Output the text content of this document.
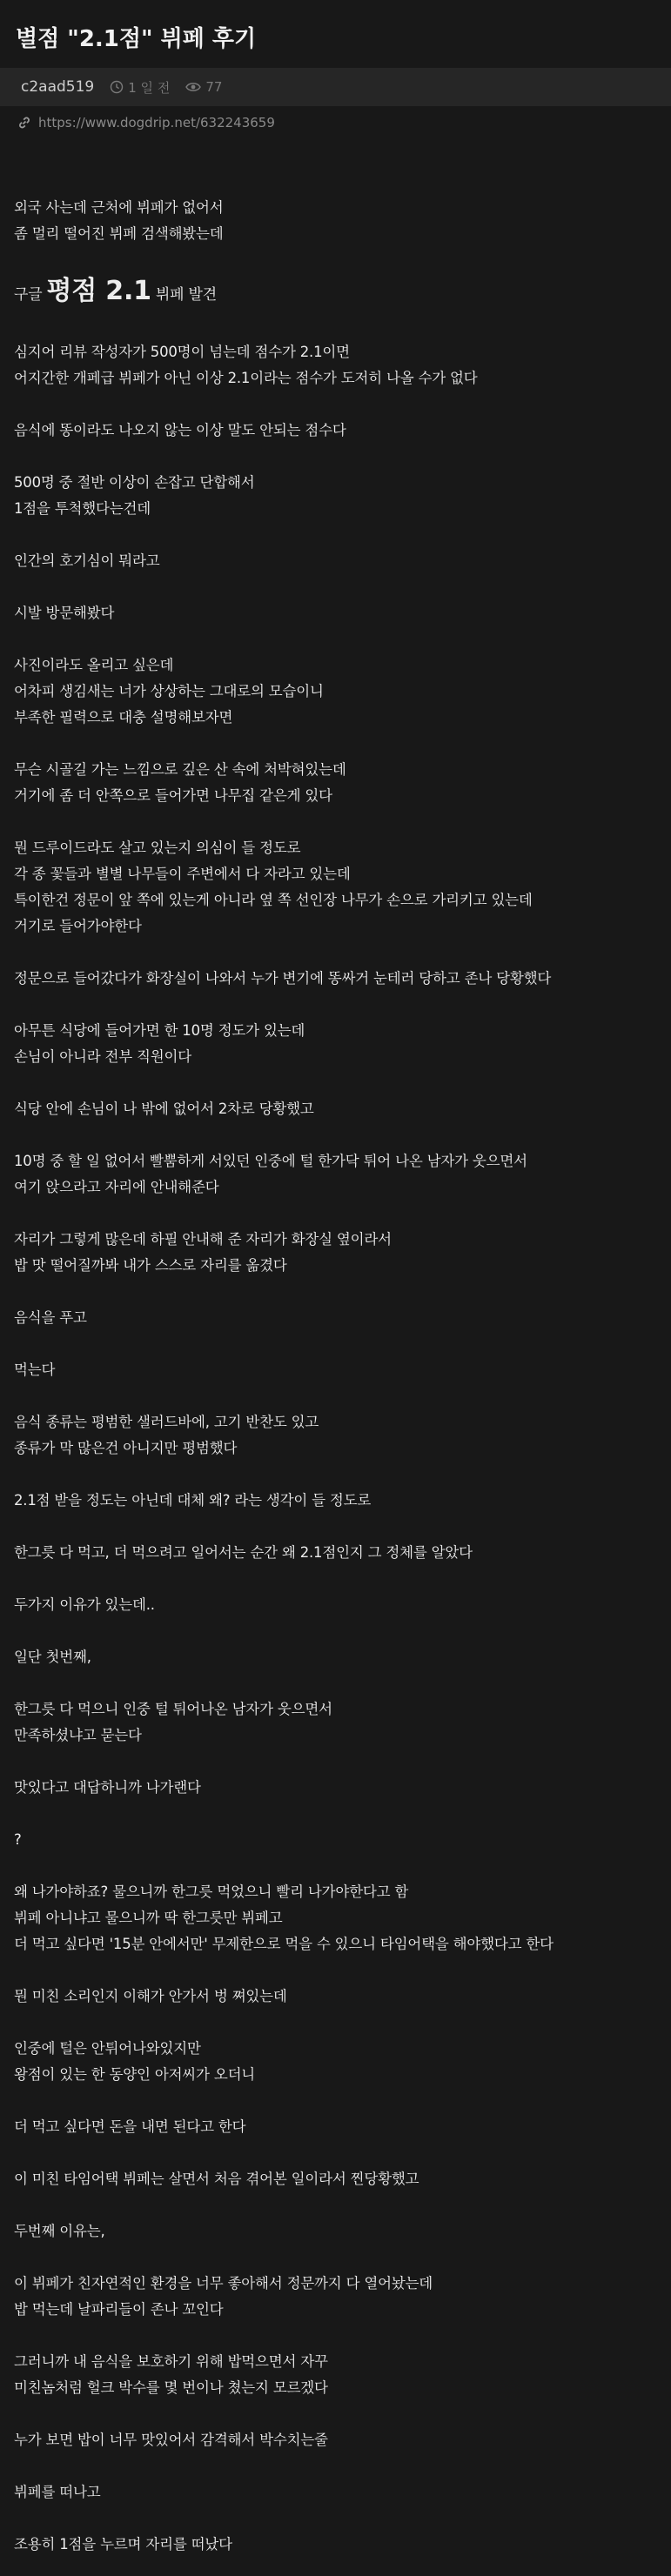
별점 "2.1점" 뷔페 후기
c2aad519	1 일 전	77
https://www.dogdrip.net/632243659

외국 사는데 근처에 뷔페가 없어서

좀 멀리 떨어진 뷔페 검색해봤는데

구글 평점 2.1 뷔페 발견

심지어 리뷰 작성자가 500명이 넘는데 점수가 2.1이면

어지간한 개페급 뷔페가 아닌 이상 2.1이라는 점수가 도저히 나올 수가 없다

음식에 똥이라도 나오지 않는 이상 말도 안되는 점수다

500명 중 절반 이상이 손잡고 단합해서

1점을 투척했다는건데

인간의 호기심이 뭐라고

시발 방문해봤다

사진이라도 올리고 싶은데

어차피 생김새는 너가 상상하는 그대로의 모습이니

부족한 필력으로 대충 설명해보자면

무슨 시골길 가는 느낌으로 깊은 산 속에 처박혀있는데

거기에 좀 더 안쪽으로 들어가면 나무집 같은게 있다

뭔 드루이드라도 살고 있는지 의심이 들 정도로

각 종 꽃들과 별별 나무들이 주변에서 다 자라고 있는데

특이한건 정문이 앞 쪽에 있는게 아니라 옆 쪽 선인장 나무가 손으로 가리키고 있는데

거기로 들어가야한다

정문으로 들어갔다가 화장실이 나와서 누가 변기에 똥싸거 눈테러 당하고 존나 당황했다

아무튼 식당에 들어가면 한 10명 정도가 있는데

손님이 아니라 전부 직원이다

식당 안에 손님이 나 밖에 없어서 2차로 당황했고

10명 중 할 일 없어서 빨뿜하게 서있던 인중에 털 한가닥 튀어 나온 남자가 웃으면서

여기 앉으라고 자리에 안내해준다

자리가 그렇게 많은데 하필 안내해 준 자리가 화장실 옆이라서

밥 맛 떨어질까봐 내가 스스로 자리를 옮겼다

음식을 푸고

먹는다

음식 종류는 평범한 샐러드바에, 고기 반찬도 있고

종류가 막 많은건 아니지만 평범했다

2.1점 받을 정도는 아닌데 대체 왜? 라는 생각이 들 정도로

한그릇 다 먹고, 더 먹으려고 일어서는 순간 왜 2.1점인지 그 정체를 알았다

두가지 이유가 있는데..

일단 첫번째,

한그릇 다 먹으니 인중 털 튀어나온 남자가 웃으면서

만족하셨냐고 묻는다

맛있다고 대답하니까 나가랜다

?

왜 나가야하죠? 물으니까 한그릇 먹었으니 빨리 나가야한다고 함

뷔페 아니냐고 물으니까 딱 한그릇만 뷔페고

더 먹고 싶다면 '15분 안에서만' 무제한으로 먹을 수 있으니 타임어택을 해야했다고 한다

뭔 미친 소리인지 이해가 안가서 벙 쪄있는데

인중에 털은 안튀어나와있지만

왕점이 있는 한 동양인 아저씨가 오더니

더 먹고 싶다면 돈을 내면 된다고 한다

이 미친 타임어택 뷔페는 살면서 처음 겪어본 일이라서 찐당황했고

두번째 이유는,

이 뷔페가 친자연적인 환경을 너무 좋아해서 정문까지 다 열어놨는데

밥 먹는데 날파리들이 존나 꼬인다

그러니까 내 음식을 보호하기 위해 밥먹으면서 자꾸

미친놈처럼 헐크 박수를 몇 번이나 쳤는지 모르겠다

누가 보면 밥이 너무 맛있어서 감격해서 박수치는줄

뷔페를 떠나고

조용히 1점을 누르며 자리를 떠났다
